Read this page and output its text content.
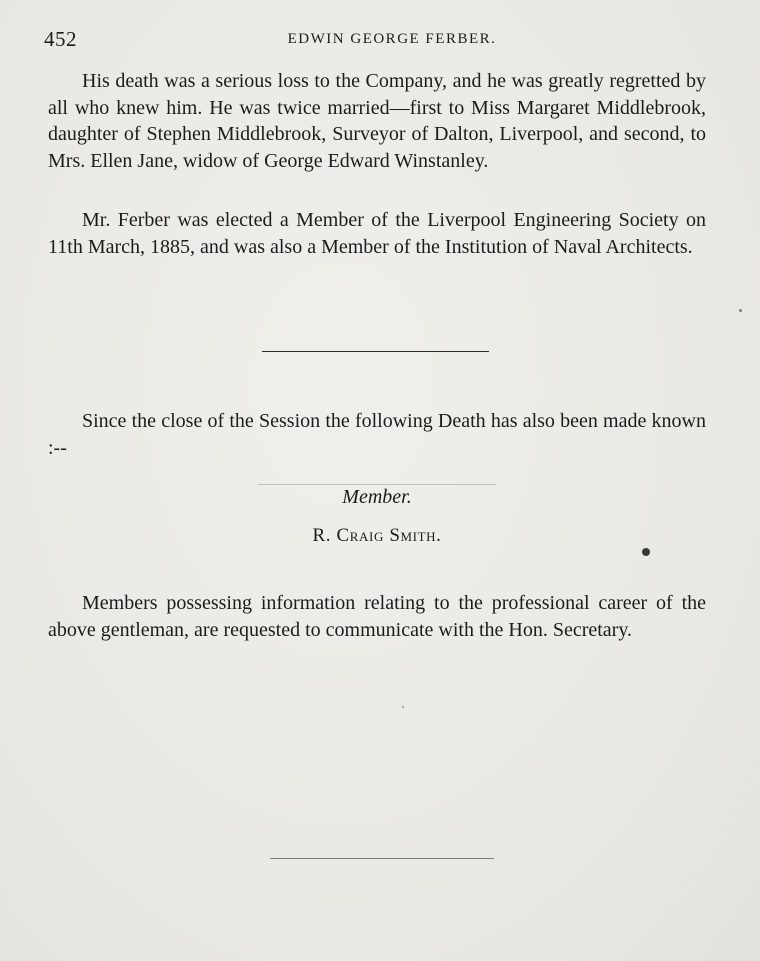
452	EDWIN GEORGE FERBER.

His death was a serious loss to the Company, and he was greatly regretted by all who knew him. He was twice married—first to Miss Margaret Middlebrook, daughter of Stephen Middlebrook, Surveyor of Dalton, Liverpool, and second, to Mrs. Ellen Jane, widow of George Edward Winstanley.

Mr. Ferber was elected a Member of the Liverpool Engineering Society on 11th March, 1885, and was also a Member of the Institution of Naval Architects.

Since the close of the Session the following Death has also been made known :--

Member.
R. Craig Smith.

Members possessing information relating to the professional career of the above gentleman, are requested to communicate with the Hon. Secretary.
